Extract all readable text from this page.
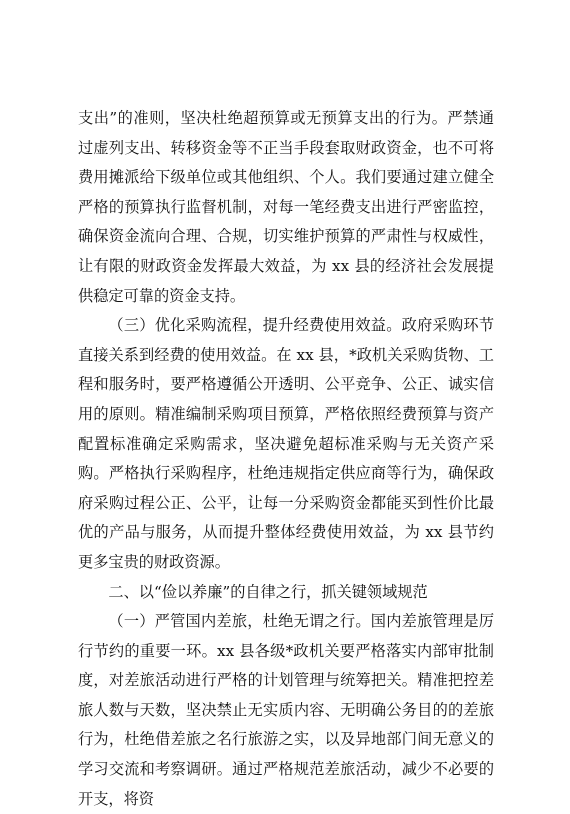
支出”的准则，坚决杜绝超预算或无预算支出的行为。严禁通过虚列支出、转移资金等不正当手段套取财政资金，也不可将费用摊派给下级单位或其他组织、个人。我们要通过建立健全严格的预算执行监督机制，对每一笔经费支出进行严密监控，确保资金流向合理、合规，切实维护预算的严肃性与权威性，让有限的财政资金发挥最大效益，为 xx 县的经济社会发展提供稳定可靠的资金支持。

（三）优化采购流程，提升经费使用效益。政府采购环节直接关系到经费的使用效益。在 xx 县，*政机关采购货物、工程和服务时，要严格遵循公开透明、公平竞争、公正、诚实信用的原则。精准编制采购项目预算，严格依照经费预算与资产配置标准确定采购需求，坚决避免超标准采购与无关资产采购。严格执行采购程序，杜绝违规指定供应商等行为，确保政府采购过程公正、公平，让每一分采购资金都能买到性价比最优的产品与服务，从而提升整体经费使用效益，为 xx 县节约更多宝贵的财政资源。

二、以“俭以养廉”的自律之行，抓关键领域规范

（一）严管国内差旅，杜绝无谓之行。国内差旅管理是厉行节约的重要一环。xx 县各级*政机关要严格落实内部审批制度，对差旅活动进行严格的计划管理与统筹把关。精准把控差旅人数与天数，坚决禁止无实质内容、无明确公务目的的差旅行为，杜绝借差旅之名行旅游之实，以及异地部门间无意义的学习交流和考察调研。通过严格规范差旅活动，减少不必要的开支，将资
